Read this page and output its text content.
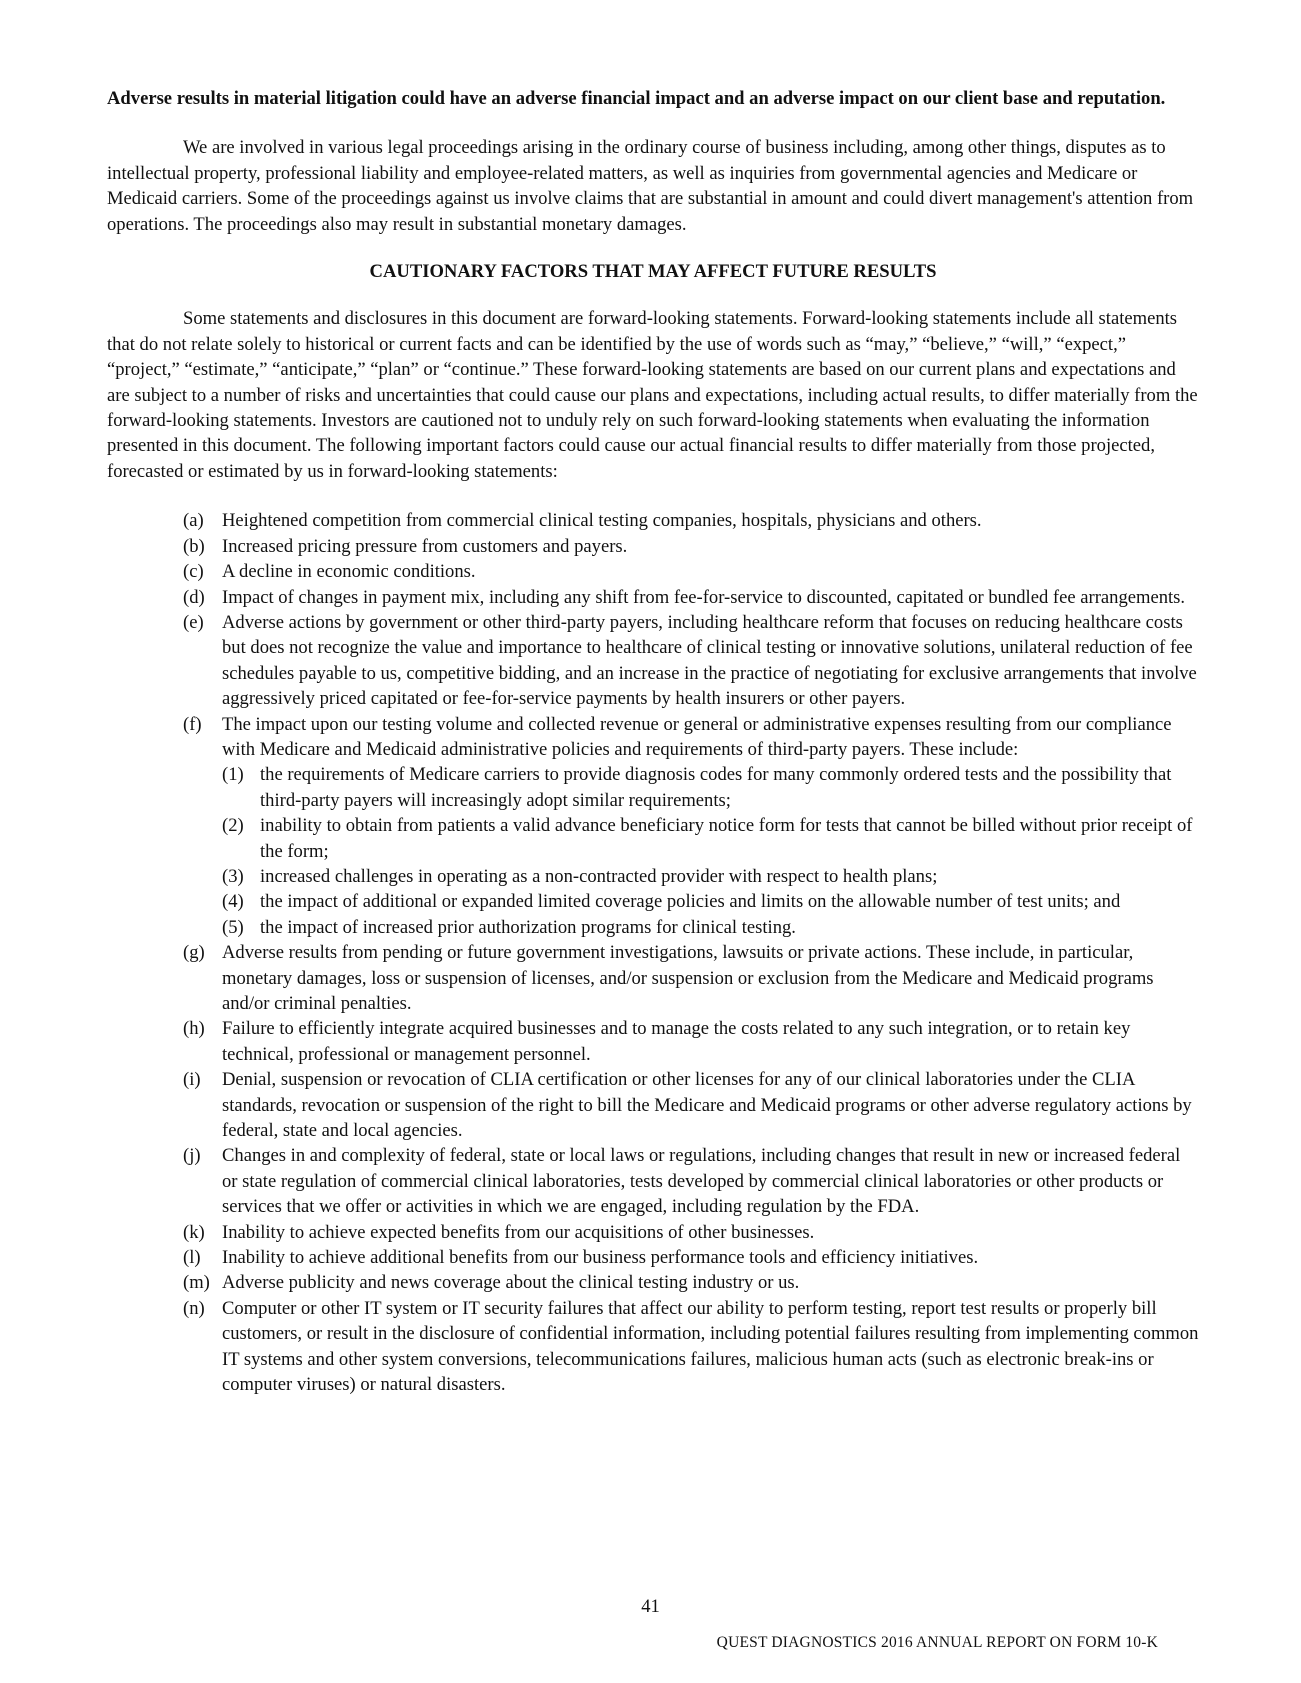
Adverse results in material litigation could have an adverse financial impact and an adverse impact on our client base and reputation.

We are involved in various legal proceedings arising in the ordinary course of business including, among other things, disputes as to intellectual property, professional liability and employee-related matters, as well as inquiries from governmental agencies and Medicare or Medicaid carriers. Some of the proceedings against us involve claims that are substantial in amount and could divert management's attention from operations. The proceedings also may result in substantial monetary damages.

CAUTIONARY FACTORS THAT MAY AFFECT FUTURE RESULTS

Some statements and disclosures in this document are forward-looking statements. Forward-looking statements include all statements that do not relate solely to historical or current facts and can be identified by the use of words such as “may,” “believe,” “will,” “expect,” “project,” “estimate,” “anticipate,” “plan” or “continue.” These forward-looking statements are based on our current plans and expectations and are subject to a number of risks and uncertainties that could cause our plans and expectations, including actual results, to differ materially from the forward-looking statements. Investors are cautioned not to unduly rely on such forward-looking statements when evaluating the information presented in this document. The following important factors could cause our actual financial results to differ materially from those projected, forecasted or estimated by us in forward-looking statements:

(a) Heightened competition from commercial clinical testing companies, hospitals, physicians and others.
(b) Increased pricing pressure from customers and payers.
(c) A decline in economic conditions.
(d) Impact of changes in payment mix, including any shift from fee-for-service to discounted, capitated or bundled fee arrangements.
(e) Adverse actions by government or other third-party payers, including healthcare reform that focuses on reducing healthcare costs but does not recognize the value and importance to healthcare of clinical testing or innovative solutions, unilateral reduction of fee schedules payable to us, competitive bidding, and an increase in the practice of negotiating for exclusive arrangements that involve aggressively priced capitated or fee-for-service payments by health insurers or other payers.
(f) The impact upon our testing volume and collected revenue or general or administrative expenses resulting from our compliance with Medicare and Medicaid administrative policies and requirements of third-party payers. These include:
(1) the requirements of Medicare carriers to provide diagnosis codes for many commonly ordered tests and the possibility that third-party payers will increasingly adopt similar requirements;
(2) inability to obtain from patients a valid advance beneficiary notice form for tests that cannot be billed without prior receipt of the form;
(3) increased challenges in operating as a non-contracted provider with respect to health plans;
(4) the impact of additional or expanded limited coverage policies and limits on the allowable number of test units; and
(5) the impact of increased prior authorization programs for clinical testing.
(g) Adverse results from pending or future government investigations, lawsuits or private actions. These include, in particular, monetary damages, loss or suspension of licenses, and/or suspension or exclusion from the Medicare and Medicaid programs and/or criminal penalties.
(h) Failure to efficiently integrate acquired businesses and to manage the costs related to any such integration, or to retain key technical, professional or management personnel.
(i) Denial, suspension or revocation of CLIA certification or other licenses for any of our clinical laboratories under the CLIA standards, revocation or suspension of the right to bill the Medicare and Medicaid programs or other adverse regulatory actions by federal, state and local agencies.
(j) Changes in and complexity of federal, state or local laws or regulations, including changes that result in new or increased federal or state regulation of commercial clinical laboratories, tests developed by commercial clinical laboratories or other products or services that we offer or activities in which we are engaged, including regulation by the FDA.
(k) Inability to achieve expected benefits from our acquisitions of other businesses.
(l) Inability to achieve additional benefits from our business performance tools and efficiency initiatives.
(m) Adverse publicity and news coverage about the clinical testing industry or us.
(n) Computer or other IT system or IT security failures that affect our ability to perform testing, report test results or properly bill customers, or result in the disclosure of confidential information, including potential failures resulting from implementing common IT systems and other system conversions, telecommunications failures, malicious human acts (such as electronic break-ins or computer viruses) or natural disasters.
41
QUEST DIAGNOSTICS 2016 ANNUAL REPORT ON FORM 10-K
